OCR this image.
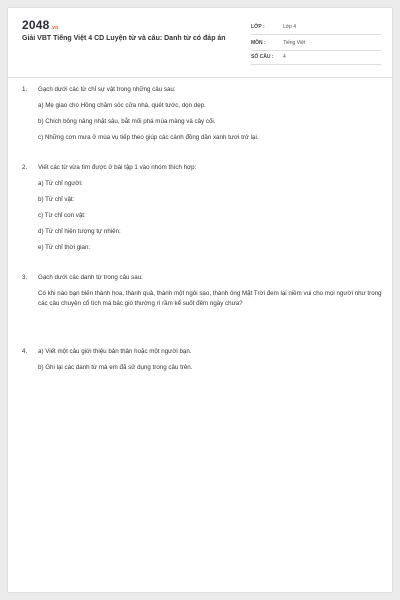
2048.vn
Giải VBT Tiếng Việt 4 CD Luyện từ và câu: Danh từ có đáp án
LỚP :	Lớp 4
MÔN :	Tiếng Việt
SỐ CÂU : 4
1.	Gạch dưới các từ chỉ sự vật trong những câu sau:
a) Mẹ giao cho Hồng chăm sóc cửa nhà, quét tước, dọn dẹp.
b) Chích bông nâng nhặt sâu, bắt mối phá mùa màng và cây cối.
c) Những cơn mưa ở mùa vụ tiếp theo giúp các cánh đồng dần xanh tươi trở lại.
2.	Viết các từ vừa tìm được ở bài tập 1 vào nhóm thích hợp:
a) Từ chỉ người:
b) Từ chỉ vật:
c) Từ chỉ con vật:
d) Từ chỉ hiện tượng tự nhiên:
e) Từ chỉ thời gian:
3.	Gạch dưới các danh từ trong câu sau:
Có khi nào bạn biến thành hoa, thành quả, thành một ngôi sao, thành ông Mặt Trời đem lại niềm vui cho mọi người như trong các câu chuyện cổ tích mà bác gió thường rì rầm kể suốt đêm ngày chưa?
4.	a) Viết một câu giới thiệu bản thân hoặc một người bạn.
b) Ghi lại các danh từ mà em đã sử dụng trong câu trên.
